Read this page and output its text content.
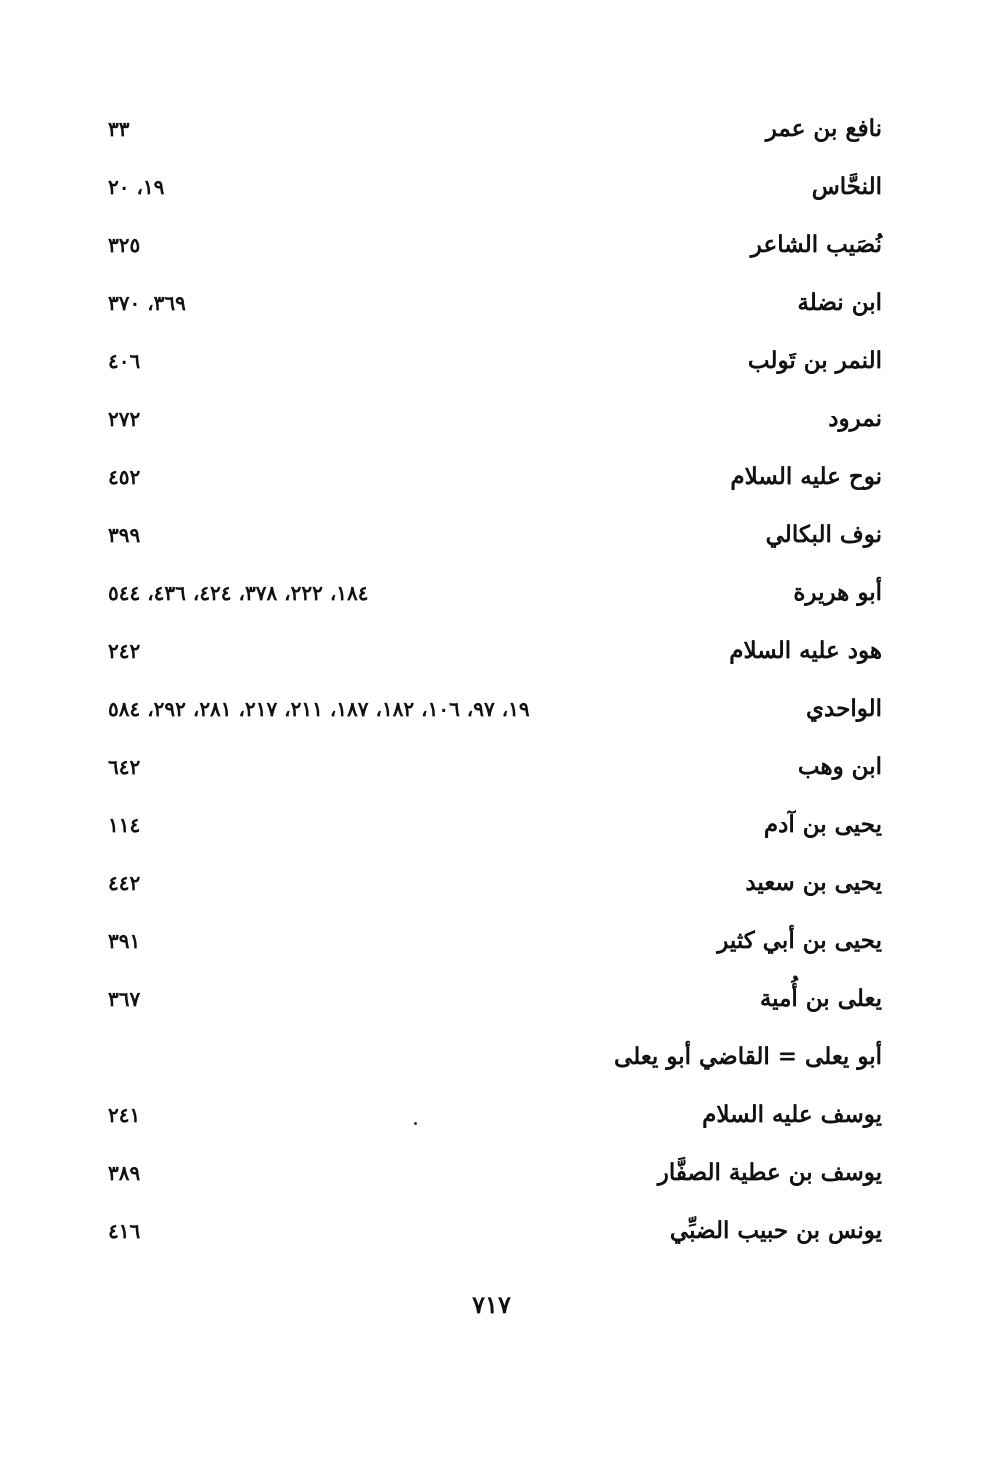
نافع بن عمر
٣٣
النحَّاس
١٩، ٢٠
نُصَيب الشاعر
٣٢٥
ابن نضلة
٣٦٩، ٣٧٠
النمر بن تَولب
٤٠٦
نمرود
٢٧٢
نوح عليه السلام
٤٥٢
نوف البكالي
٣٩٩
أبو هريرة
١٨٤، ٢٢٢، ٣٧٨، ٤٢٤، ٤٣٦، ٥٤٤
هود عليه السلام
٢٤٢
الواحدي
١٩، ٩٧، ١٠٦، ١٨٢، ١٨٧، ٢١١، ٢١٧، ٢٨١، ٢٩٢، ٥٨٤
ابن وهب
٦٤٢
يحيى بن آدم
١١٤
يحيى بن سعيد
٤٤٢
يحيى بن أبي كثير
٣٩١
يعلى بن أُمية
٣٦٧
أبو يعلى = القاضي أبو يعلى
يوسف عليه السلام
٢٤١
يوسف بن عطية الصفَّار
٣٨٩
يونس بن حبيب الضبِّي
٤١٦
٧١٧
